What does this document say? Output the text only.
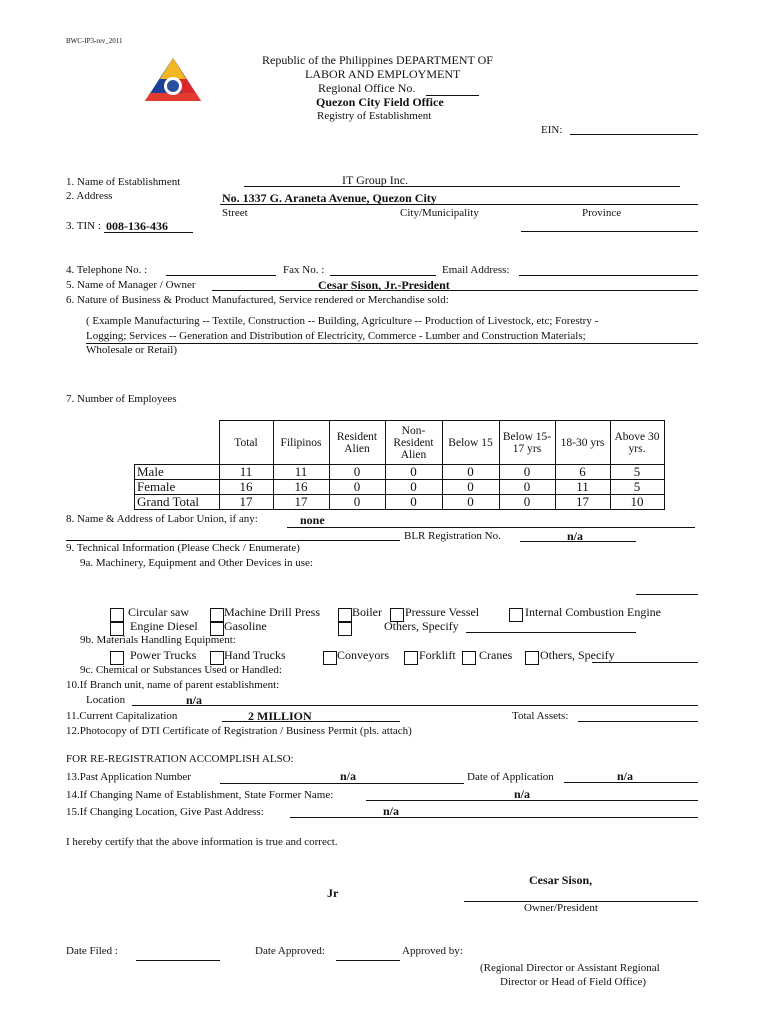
BWC-IP3-rev_2011
Republic of the Philippines DEPARTMENT OF
LABOR AND EMPLOYMENT
Regional Office No.
Quezon City Field Office
Registry of Establishment
EIN:
1. Name of Establishment	IT Group Inc.
2. Address	No. 1337 G. Araneta Avenue, Quezon City
Street	City/Municipality	Province
3. TIN : 008-136-436
4. Telephone No. :	Fax No. :	Email Address:
5. Name of Manager / Owner	Cesar Sison, Jr.-President
6. Nature of Business & Product Manufactured, Service rendered or Merchandise sold:
( Example Manufacturing -- Textile, Construction -- Building, Agriculture -- Production of Livestock, etc; Forestry -
Logging; Services -- Generation and Distribution of Electricity, Commerce - Lumber and Construction Materials;
Wholesale or Retail)
7. Number of Employees
	Total	Filipinos	Resident Alien	Non-Resident Alien	Below 15	Below 15-17 yrs	18-30 yrs	Above 30 yrs.
Male	11	11	0	0	0	0	6	5
Female	16	16	0	0	0	0	11	5
Grand Total	17	17	0	0	0	0	17	10
8. Name & Address of Labor Union, if any:	none
BLR Registration No.	n/a
9. Technical Information (Please Check / Enumerate)
9a. Machinery, Equipment and Other Devices in use:
Circular saw	Machine Drill Press	Boiler Pressure Vessel	Internal Combustion Engine
Engine Diesel Gasoline	Others, Specify
9b. Materials Handling Equipment:
Power Trucks Hand Trucks	Conveyors	Forklift Cranes Others, Specify
9c. Chemical or Substances Used or Handled:
10.If Branch unit, name of parent establishment:
Location	n/a
11.Current Capitalization	2 MILLION	Total Assets:
12.Photocopy of DTI Certificate of Registration / Business Permit (pls. attach)
FOR RE-REGISTRATION ACCOMPLISH ALSO:
13.Past Application Number	n/a	Date of Application	n/a
14.If Changing Name of Establishment, State Former Name:	n/a
15.If Changing Location, Give Past Address:	n/a
I hereby certify that the above information is true and correct.
Cesar Sison,
Jr
Owner/President
Date Filed :	Date Approved:	Approved by:
(Regional Director or Assistant Regional
Director or Head of Field Office)
